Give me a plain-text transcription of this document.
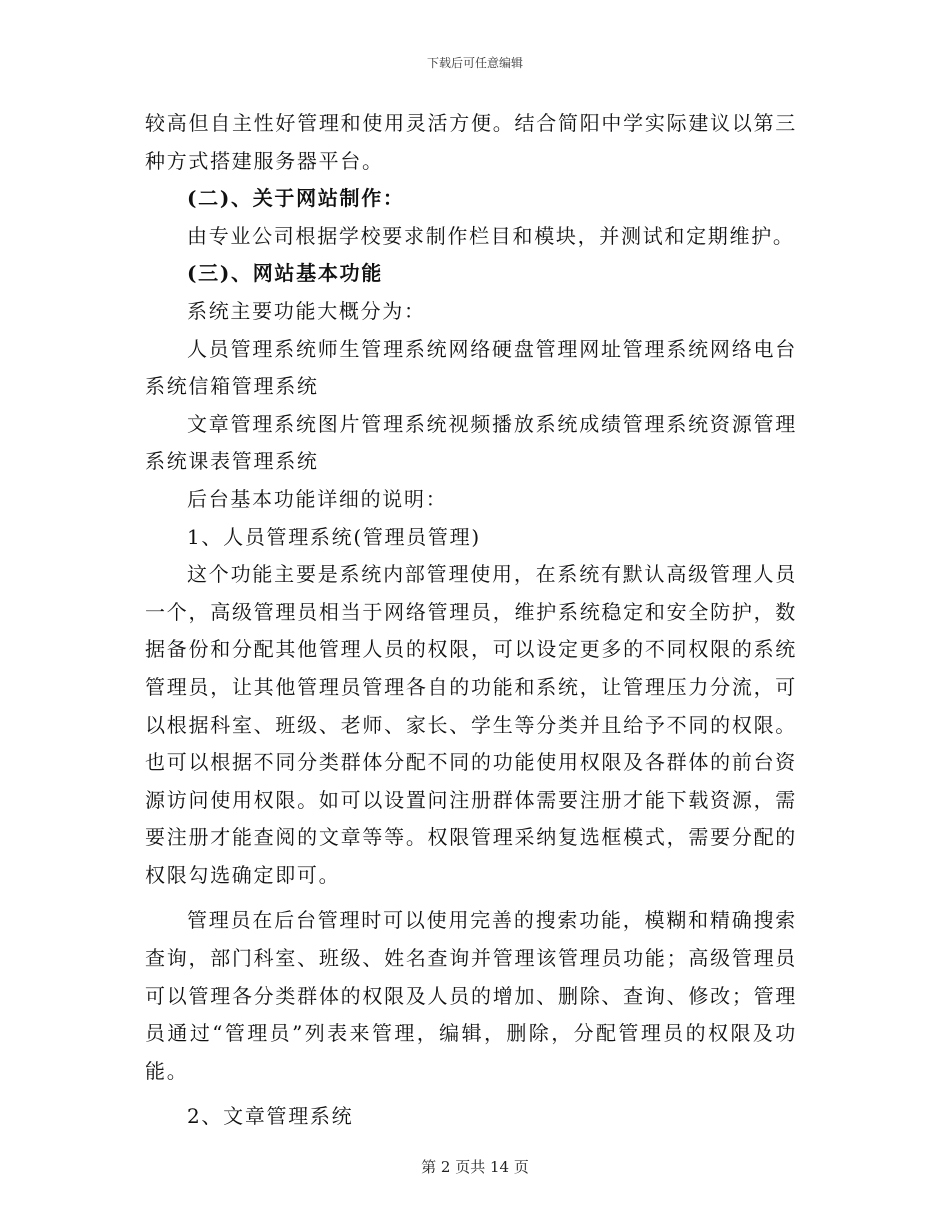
下载后可任意编辑

较高但自主性好管理和使用灵活方便。结合简阳中学实际建议以第三种方式搭建服务器平台。

(二)、关于网站制作：

由专业公司根据学校要求制作栏目和模块，并测试和定期维护。

(三)、网站基本功能

系统主要功能大概分为：

人员管理系统师生管理系统网络硬盘管理网址管理系统网络电台系统信箱管理系统

文章管理系统图片管理系统视频播放系统成绩管理系统资源管理系统课表管理系统

后台基本功能详细的说明：

1、人员管理系统(管理员管理)

这个功能主要是系统内部管理使用，在系统有默认高级管理人员一个，高级管理员相当于网络管理员，维护系统稳定和安全防护，数据备份和分配其他管理人员的权限，可以设定更多的不同权限的系统管理员，让其他管理员管理各自的功能和系统，让管理压力分流，可以根据科室、班级、老师、家长、学生等分类并且给予不同的权限。也可以根据不同分类群体分配不同的功能使用权限及各群体的前台资源访问使用权限。如可以设置问注册群体需要注册才能下载资源，需要注册才能查阅的文章等等。权限管理采纳复选框模式，需要分配的权限勾选确定即可。

管理员在后台管理时可以使用完善的搜索功能，模糊和精确搜索查询，部门科室、班级、姓名查询并管理该管理员功能；高级管理员可以管理各分类群体的权限及人员的增加、删除、查询、修改；管理员通过“管理员”列表来管理，编辑，删除，分配管理员的权限及功能。

2、文章管理系统

第 2 页共 14 页
